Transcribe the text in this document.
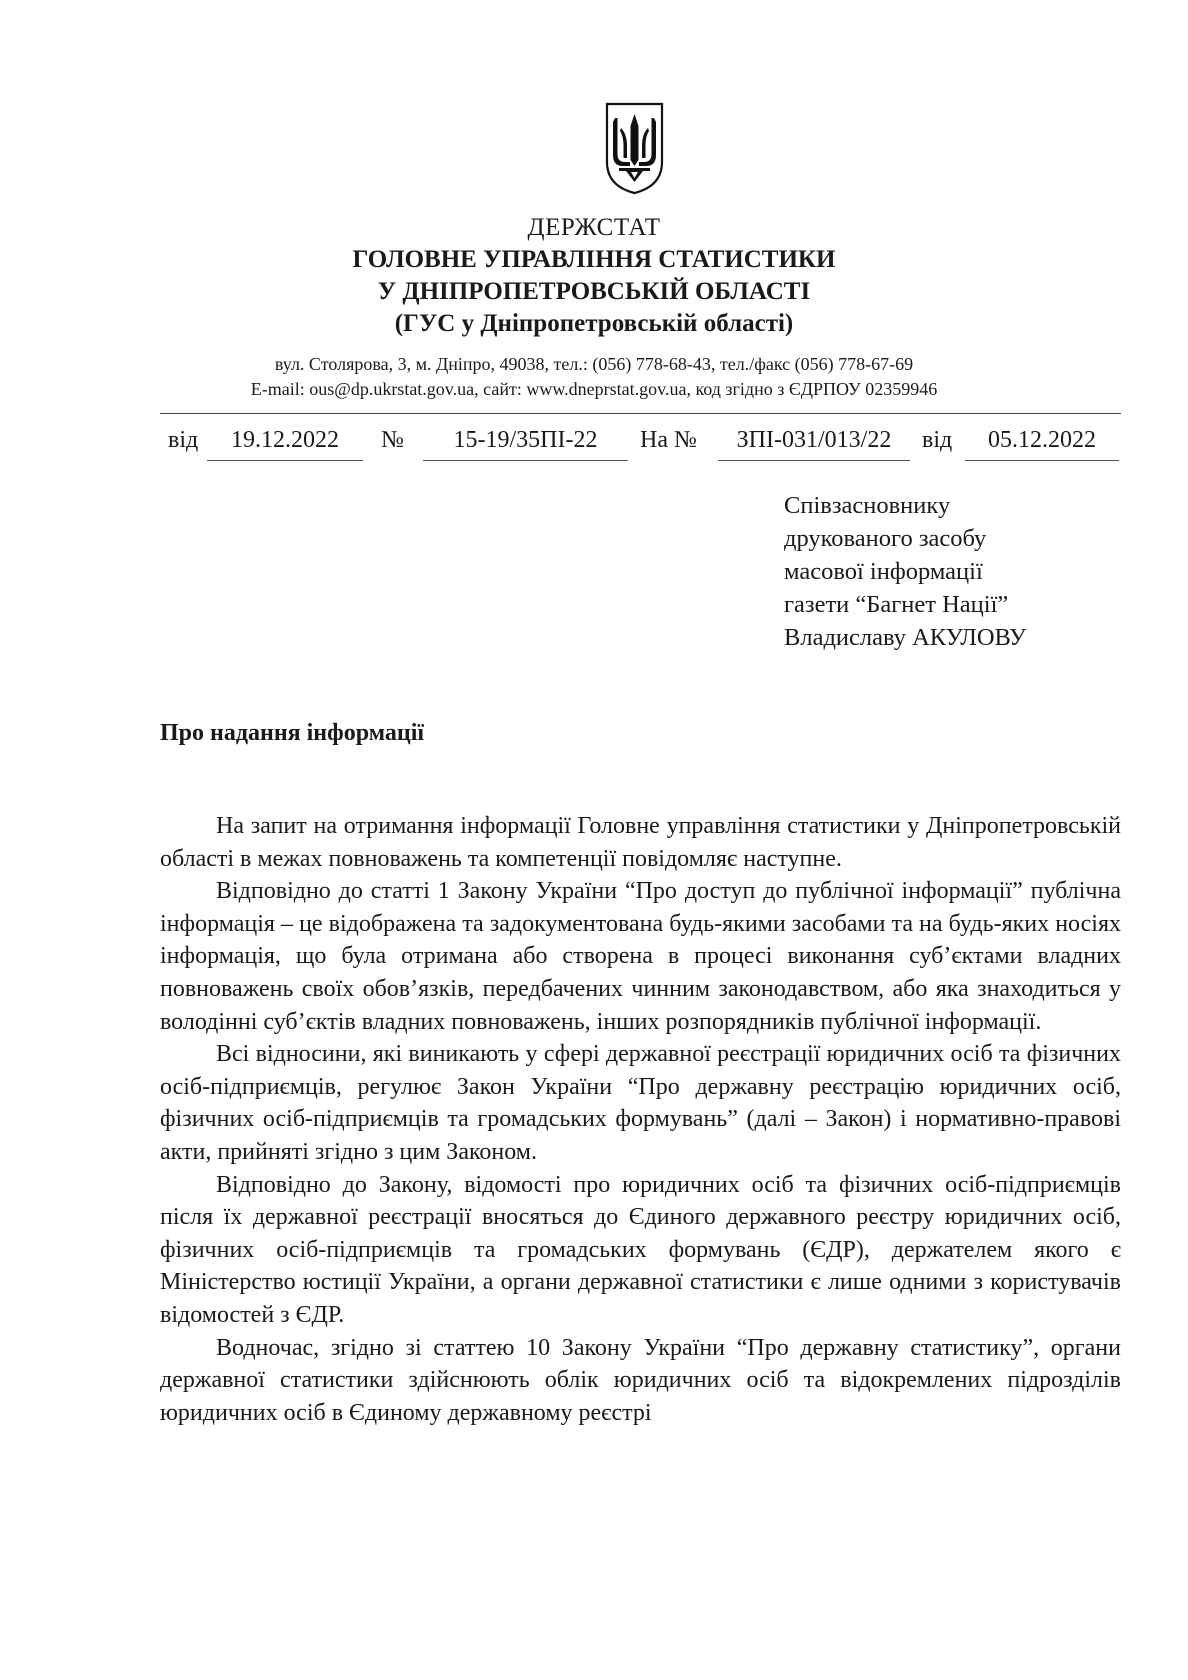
ДЕРЖСТАТ
ГОЛОВНЕ УПРАВЛІННЯ СТАТИСТИКИ
У ДНІПРОПЕТРОВСЬКІЙ ОБЛАСТІ
(ГУС у Дніпропетровській області)
вул. Столярова, 3, м. Дніпро, 49038, тел.: (056) 778-68-43, тел./факс (056) 778-67-69
E-mail: ous@dp.ukrstat.gov.ua, сайт: www.dneprstat.gov.ua, код згідно з ЄДРПОУ 02359946
від	19.12.2022	№	15-19/35ПІ-22	На №	ЗПІ-031/013/22	від	05.12.2022
Співзасновнику
друкованого засобу
масової інформації
газети “Багнет Нації”
Владиславу АКУЛОВУ
Про надання інформації

На запит на отримання інформації Головне управління статистики у Дніпропетровській області в межах повноважень та компетенції повідомляє наступне.

Відповідно до статті 1 Закону України “Про доступ до публічної інформації” публічна інформація – це відображена та задокументована будь-якими засобами та на будь-яких носіях інформація, що була отримана або створена в процесі виконання суб’єктами владних повноважень своїх обов’язків, передбачених чинним законодавством, або яка знаходиться у володінні суб’єктів владних повноважень, інших розпорядників публічної інформації.

Всі відносини, які виникають у сфері державної реєстрації юридичних осіб та фізичних осіб-підприємців, регулює Закон України “Про державну реєстрацію юридичних осіб, фізичних осіб-підприємців та громадських формувань” (далі – Закон) і нормативно-правові акти, прийняті згідно з цим Законом.

Відповідно до Закону, відомості про юридичних осіб та фізичних осіб-підприємців після їх державної реєстрації вносяться до Єдиного державного реєстру юридичних осіб, фізичних осіб-підприємців та громадських формувань (ЄДР), держателем якого є Міністерство юстиції України, а органи державної статистики є лише одними з користувачів відомостей з ЄДР.

Водночас, згідно зі статтею 10 Закону України “Про державну статистику”, органи державної статистики здійснюють облік юридичних осіб та відокремлених підрозділів юридичних осіб в Єдиному державному реєстрі
